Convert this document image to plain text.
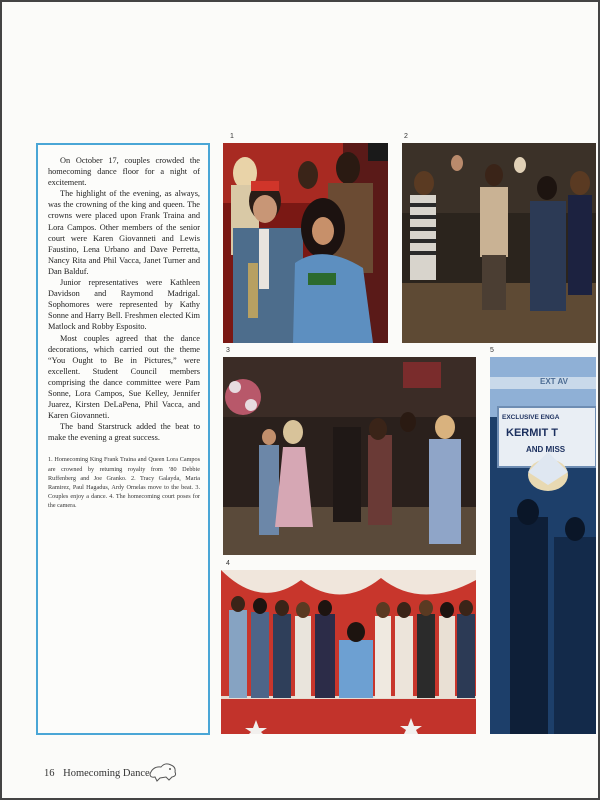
On October 17, couples crowded the homecoming dance floor for a night of excitement.

The highlight of the evening, as always, was the crowning of the king and queen. The crowns were placed upon Frank Traina and Lora Campos. Other members of the senior court were Karen Giovanneti and Lewis Faustino, Lena Urbano and Dave Perretta, Nancy Rita and Phil Vacca, Janet Turner and Dan Balduf.

Junior representatives were Kathleen Davidson and Raymond Madrigal. Sophomores were represented by Kathy Sonne and Harry Bell. Freshmen elected Kim Matlock and Robby Esposito.

Most couples agreed that the dance decorations, which carried out the theme “You Ought to Be in Pictures,” were excellent. Student Council members comprising the dance committee were Pam Sonne, Lora Campos, Sue Kelley, Jennifer Juarez, Kirsten DeLaPena, Phil Vacca, and Karen Giovanneti.

The band Starstruck added the beat to make the evening a great success.

1. Homecoming King Frank Traina and Queen Lora Campos are crowned by returning royalty from ’80 Debbie Ruffenberg and Joe Granko. 2. Tracy Galayda, Maria Ramirez, Paul Hagadus, Ardy Ornelas move to the beat. 3. Couples enjoy a dance. 4. The homecoming court poses for the camera.
1	2
3	5
4
EXT AV
EXCLUSIVE ENGA
KERMIT T
AND MISS
16 Homecoming Dance
